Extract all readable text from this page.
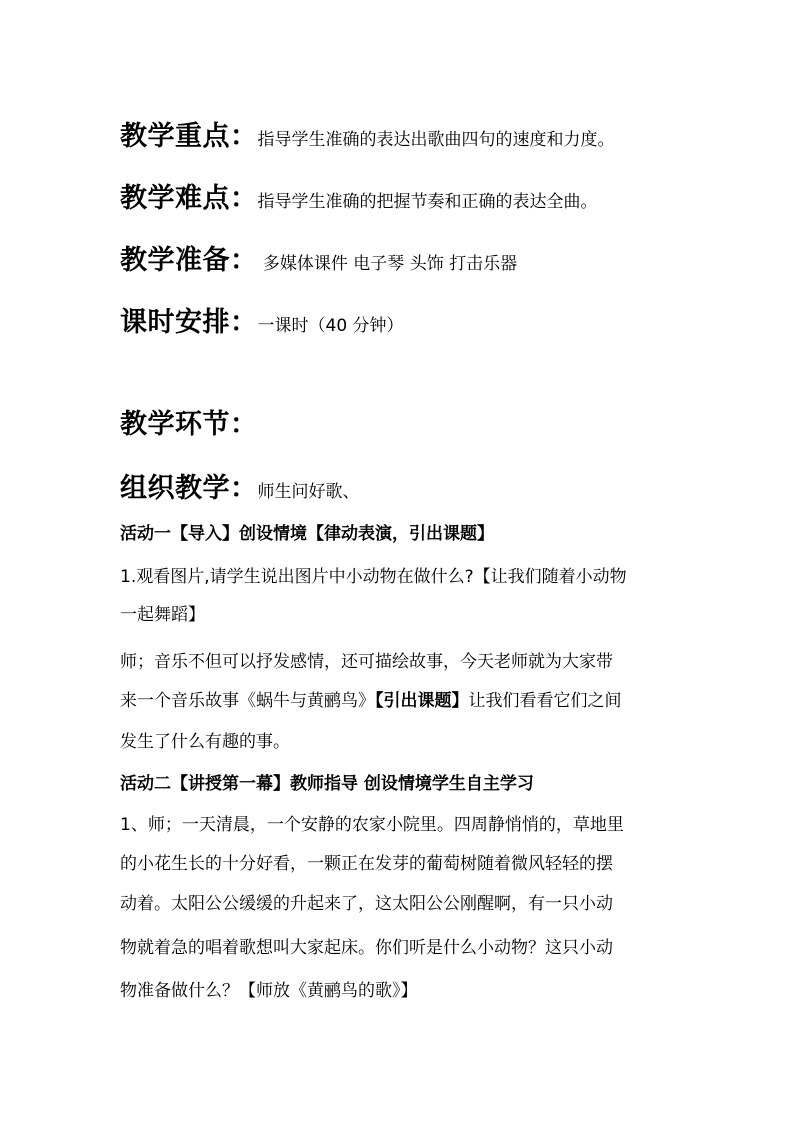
教学重点：指导学生准确的表达出歌曲四句的速度和力度。
教学难点：指导学生准确的把握节奏和正确的表达全曲。
教学准备： 多媒体课件 电子琴 头饰 打击乐器
课时安排：一课时（40 分钟）
教学环节：
组织教学：师生问好歌、
活动一【导入】创设情境【律动表演，引出课题】
1.观看图片,请学生说出图片中小动物在做什么?【让我们随着小动物
一起舞蹈】
师；音乐不但可以抒发感情，还可描绘故事，今天老师就为大家带
来一个音乐故事《蜗牛与黄鹂鸟》【引出课题】让我们看看它们之间
发生了什么有趣的事。
活动二【讲授第一幕】教师指导 创设情境学生自主学习
1、师；一天清晨，一个安静的农家小院里。四周静悄悄的，草地里
的小花生长的十分好看，一颗正在发芽的葡萄树随着微风轻轻的摆
动着。太阳公公缓缓的升起来了，这太阳公公刚醒啊，有一只小动
物就着急的唱着歌想叫大家起床。你们听是什么小动物？这只小动
物准备做什么？【师放《黄鹂鸟的歌》】
